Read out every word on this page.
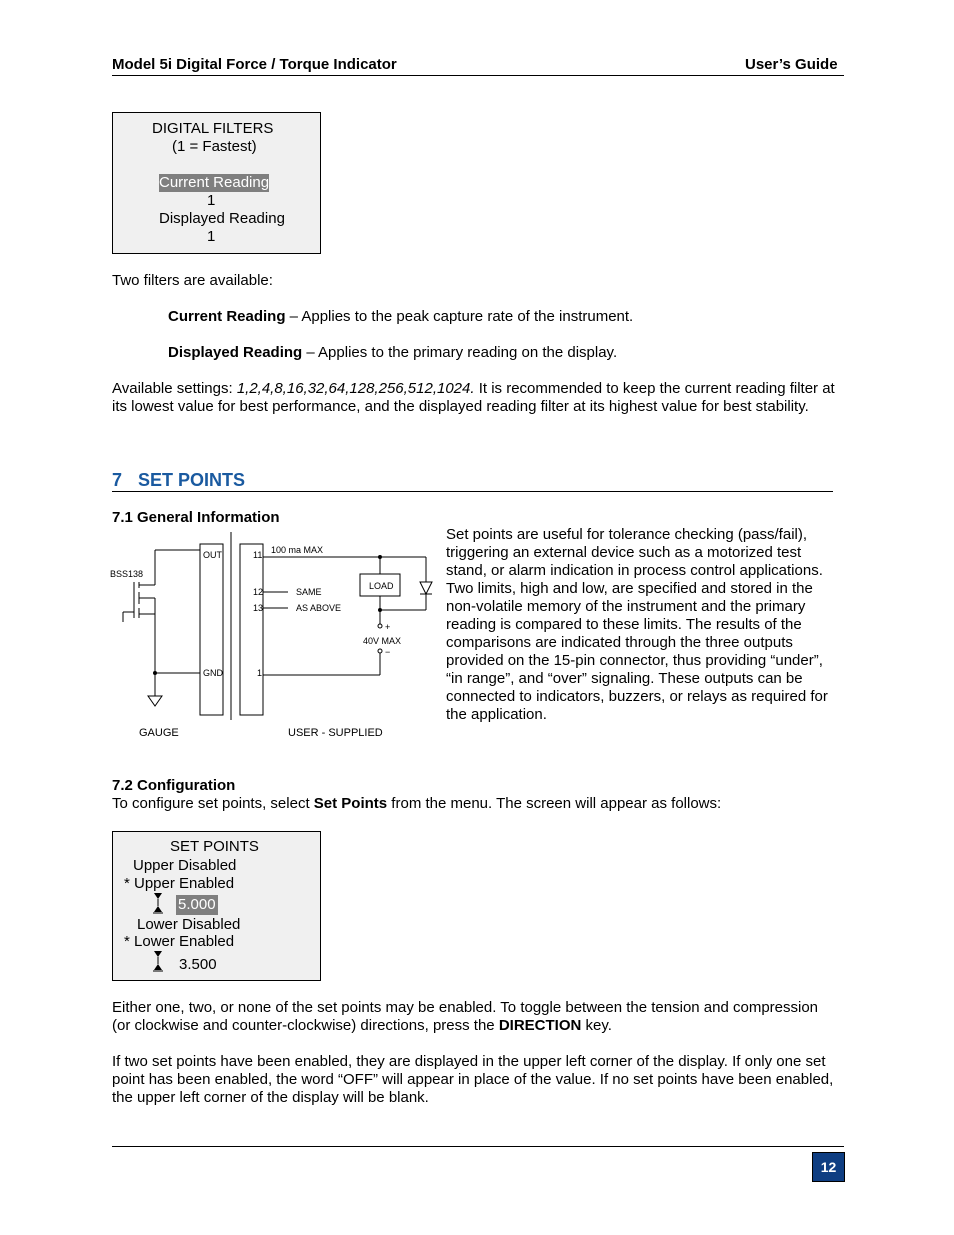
Model 5i Digital Force / Torque Indicator	User’s Guide
DIGITAL FILTERS
(1 = Fastest)
Current Reading
1
Displayed Reading
1
Two filters are available:
Current Reading – Applies to the peak capture rate of the instrument.
Displayed Reading – Applies to the primary reading on the display.
Available settings: 1,2,4,8,16,32,64,128,256,512,1024. It is recommended to keep the current reading filter at its lowest value for best performance, and the displayed reading filter at its highest value for best stability.
7 SET POINTS
7.1 General Information
BSS138
OUT
GND
11
12
13
1
100 ma MAX
SAME
AS ABOVE
LOAD
+
40V MAX
−
GAUGE	USER - SUPPLIED
Set points are useful for tolerance checking (pass/fail), triggering an external device such as a motorized test stand, or alarm indication in process control applications. Two limits, high and low, are specified and stored in the non-volatile memory of the instrument and the primary reading is compared to these limits. The results of the comparisons are indicated through the three outputs provided on the 15-pin connector, thus providing “under”, “in range”, and “over” signaling. These outputs can be connected to indicators, buzzers, or relays as required for the application.
7.2 Configuration
To configure set points, select Set Points from the menu. The screen will appear as follows:
SET POINTS
Upper Disabled
* Upper Enabled
5.000
Lower Disabled
* Lower Enabled
3.500
Either one, two, or none of the set points may be enabled. To toggle between the tension and compression (or clockwise and counter-clockwise) directions, press the DIRECTION key.
If two set points have been enabled, they are displayed in the upper left corner of the display. If only one set point has been enabled, the word “OFF” will appear in place of the value. If no set points have been enabled, the upper left corner of the display will be blank.
12
